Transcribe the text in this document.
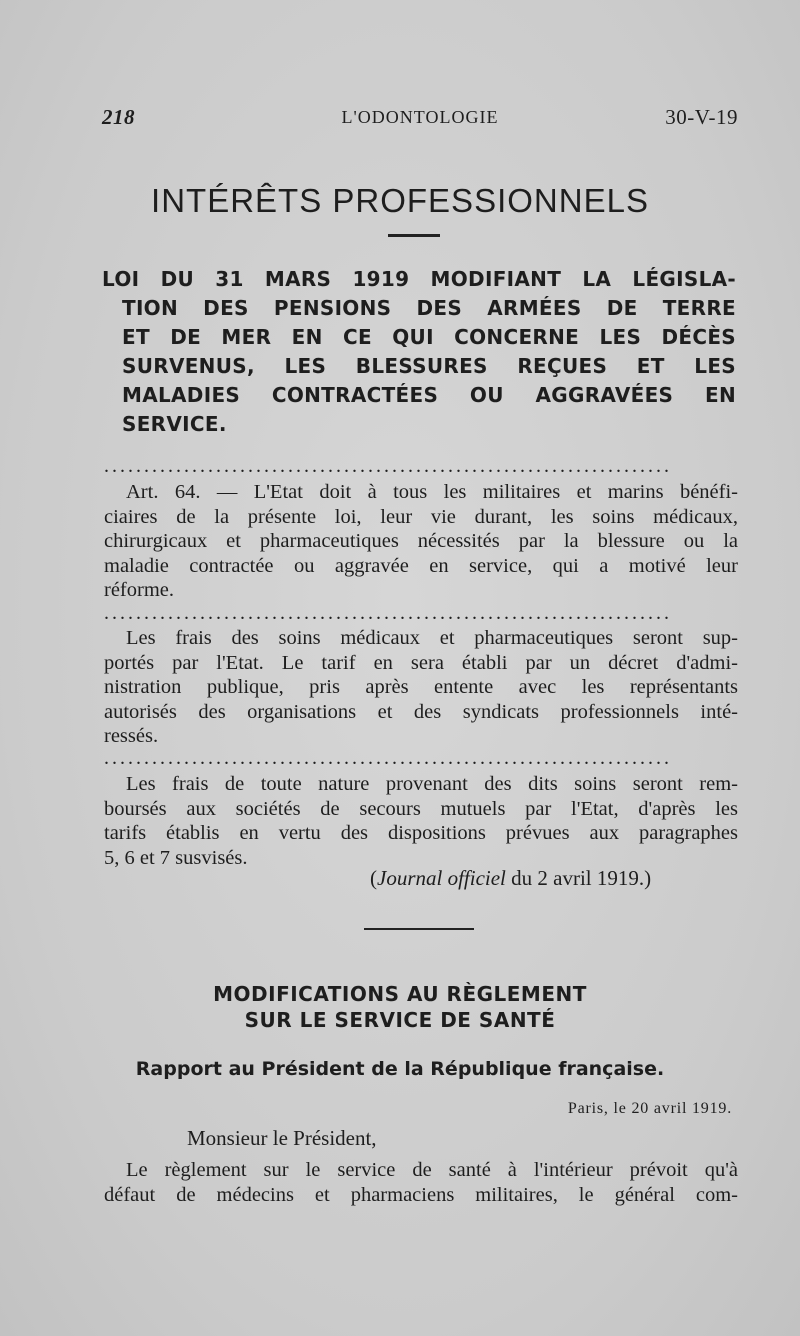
218	L'ODONTOLOGIE	30-V-19
INTÉRÊTS PROFESSIONNELS
LOI DU 31 MARS 1919 MODIFIANT LA LÉGISLA-
TION DES PENSIONS DES ARMÉES DE TERRE
ET DE MER EN CE QUI CONCERNE LES DÉCÈS
SURVENUS, LES BLESSURES REÇUES ET LES
MALADIES CONTRACTÉES OU AGGRAVÉES EN
SERVICE.
.......................................................................
Art. 64. — L'Etat doit à tous les militaires et marins bénéfi-
ciaires de la présente loi, leur vie durant, les soins médicaux,
chirurgicaux et pharmaceutiques nécessités par la blessure ou la
maladie contractée ou aggravée en service, qui a motivé leur
réforme.
.......................................................................
Les frais des soins médicaux et pharmaceutiques seront sup-
portés par l'Etat. Le tarif en sera établi par un décret d'admi-
nistration publique, pris après entente avec les représentants
autorisés des organisations et des syndicats professionnels inté-
ressés.
.......................................................................
Les frais de toute nature provenant des dits soins seront rem-
boursés aux sociétés de secours mutuels par l'Etat, d'après les
tarifs établis en vertu des dispositions prévues aux paragraphes
5, 6 et 7 susvisés.
(Journal officiel du 2 avril 1919.)
MODIFICATIONS AU RÈGLEMENT
SUR LE SERVICE DE SANTÉ
Rapport au Président de la République française.
Paris, le 20 avril 1919.
Monsieur le Président,
Le règlement sur le service de santé à l'intérieur prévoit qu'à
défaut de médecins et pharmaciens militaires, le général com-
